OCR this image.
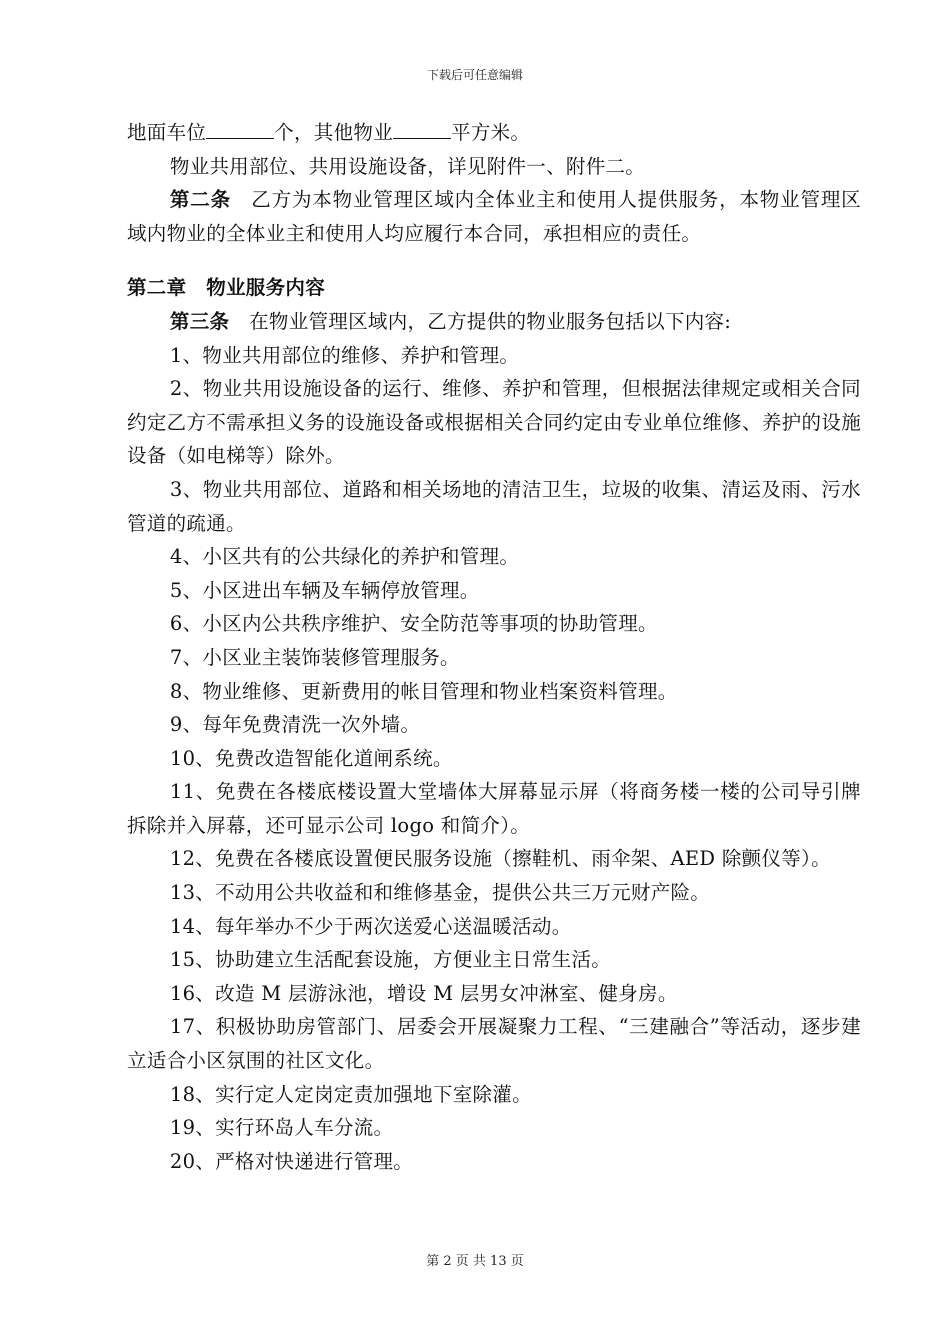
下载后可任意编辑

地面车位	个，其他物业	平方米。

物业共用部位、共用设施设备，详见附件一、附件二。

第二条　 乙方为本物业管理区域内全体业主和使用人提供服务，本物业管理区域内物业的全体业主和使用人均应履行本合同，承担相应的责任。

第二章　物业服务内容

第三条　 在物业管理区域内，乙方提供的物业服务包括以下内容:

1、物业共用部位的维修、养护和管理。

2、物业共用设施设备的运行、维修、养护和管理，但根据法律规定或相关合同约定乙方不需承担义务的设施设备或根据相关合同约定由专业单位维修、养护的设施设备（如电梯等）除外。

3、物业共用部位、道路和相关场地的清洁卫生，垃圾的收集、清运及雨、污水管道的疏通。

4、小区共有的公共绿化的养护和管理。

5、小区进出车辆及车辆停放管理。

6、小区内公共秩序维护、安全防范等事项的协助管理。

7、小区业主装饰装修管理服务。

8、物业维修、更新费用的帐目管理和物业档案资料管理。

9、每年免费清洗一次外墙。

10、免费改造智能化道闸系统。

11、免费在各楼底楼设置大堂墙体大屏幕显示屏（将商务楼一楼的公司导引牌拆除并入屏幕，还可显示公司 logo 和简介）。

12、免费在各楼底设置便民服务设施（擦鞋机、雨伞架、AED 除颤仪等）。

13、不动用公共收益和和维修基金，提供公共三万元财产险。

14、每年举办不少于两次送爱心送温暖活动。

15、协助建立生活配套设施，方便业主日常生活。

16、改造 M 层游泳池，增设 M 层男女冲淋室、健身房。

17、积极协助房管部门、居委会开展凝聚力工程、“三建融合”等活动，逐步建立适合小区氛围的社区文化。

18、实行定人定岗定责加强地下室除灌。

19、实行环岛人车分流。

20、严格对快递进行管理。

第 2 页 共 13 页
